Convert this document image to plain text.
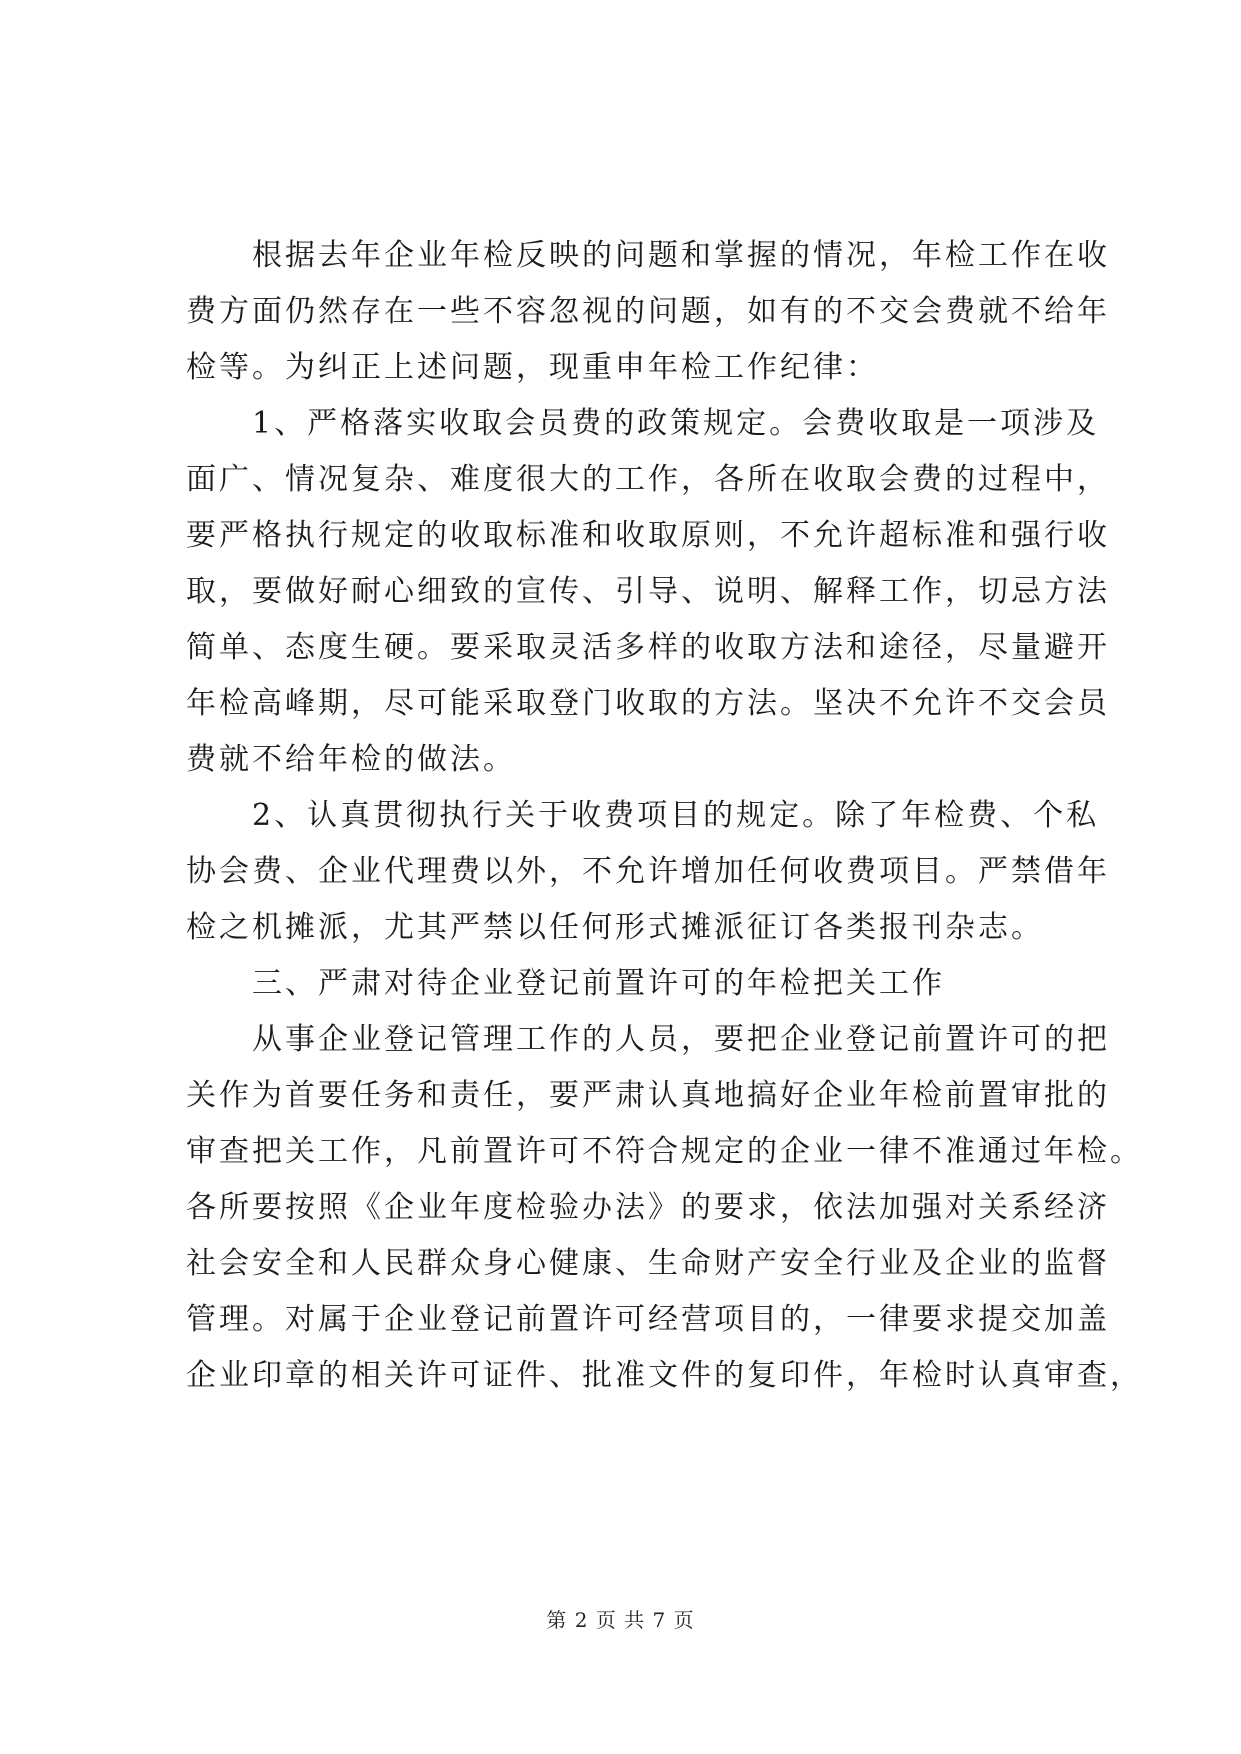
　　根据去年企业年检反映的问题和掌握的情况，年检工作在收
费方面仍然存在一些不容忽视的问题，如有的不交会费就不给年
检等。为纠正上述问题，现重申年检工作纪律：
　　1、严格落实收取会员费的政策规定。会费收取是一项涉及
面广、情况复杂、难度很大的工作，各所在收取会费的过程中，
要严格执行规定的收取标准和收取原则，不允许超标准和强行收
取，要做好耐心细致的宣传、引导、说明、解释工作，切忌方法
简单、态度生硬。要采取灵活多样的收取方法和途径，尽量避开
年检高峰期，尽可能采取登门收取的方法。坚决不允许不交会员
费就不给年检的做法。
　　2、认真贯彻执行关于收费项目的规定。除了年检费、个私
协会费、企业代理费以外，不允许增加任何收费项目。严禁借年
检之机摊派，尤其严禁以任何形式摊派征订各类报刊杂志。
　　三、严肃对待企业登记前置许可的年检把关工作
　　从事企业登记管理工作的人员，要把企业登记前置许可的把
关作为首要任务和责任，要严肃认真地搞好企业年检前置审批的
审查把关工作，凡前置许可不符合规定的企业一律不准通过年检。
各所要按照《企业年度检验办法》的要求，依法加强对关系经济
社会安全和人民群众身心健康、生命财产安全行业及企业的监督
管理。对属于企业登记前置许可经营项目的，一律要求提交加盖
企业印章的相关许可证件、批准文件的复印件，年检时认真审查，
第 2 页 共 7 页
